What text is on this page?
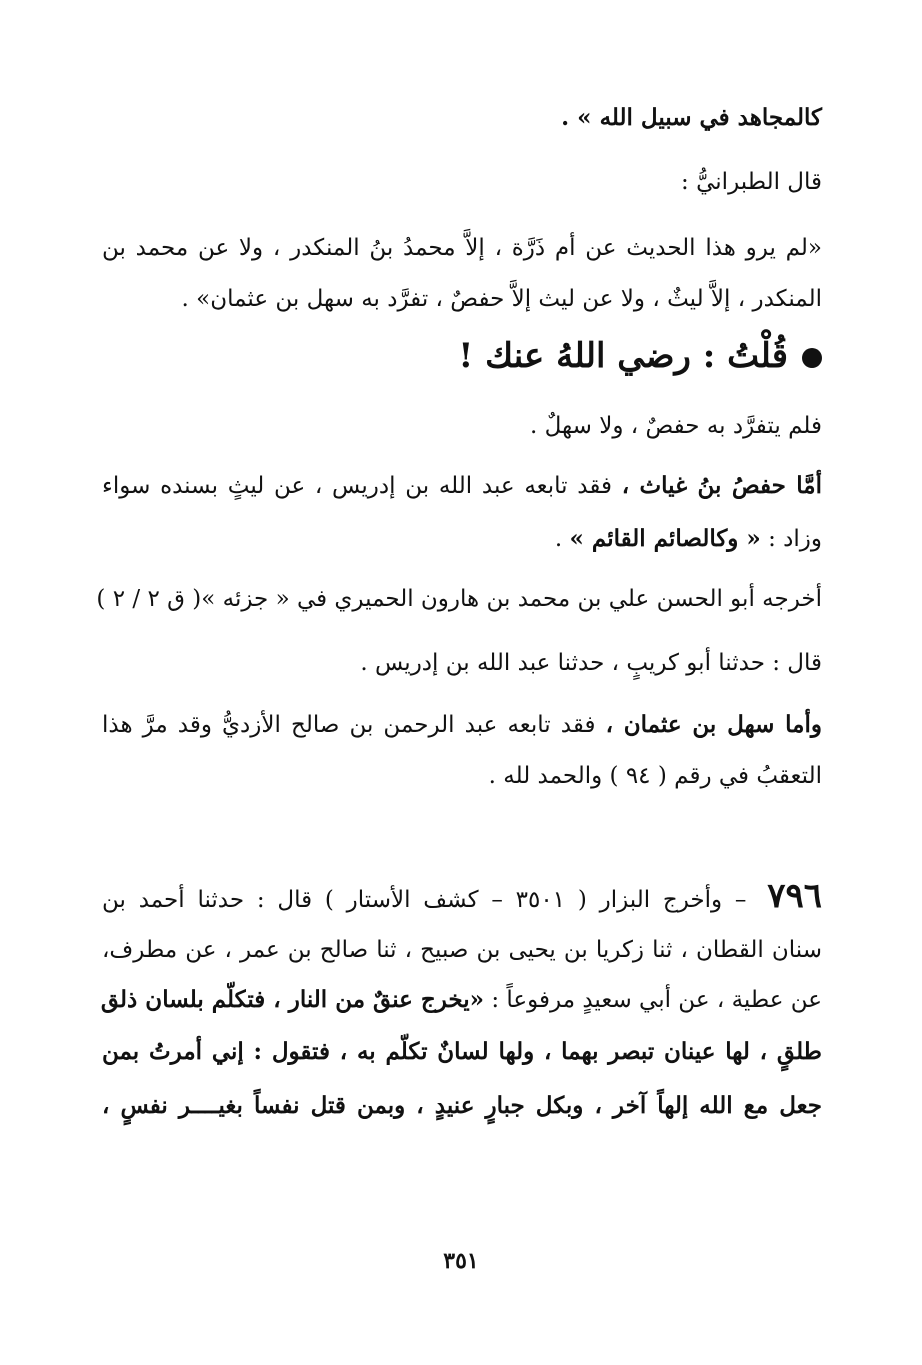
كالمجاهد في سبيل الله » .
قال الطبرانيُّ :
«لم يرو هذا الحديث عن أم ذَرَّة ، إلاَّ محمدُ بنُ المنكدر ، ولا عن محمد بن
المنكدر ، إلاَّ ليثٌ ، ولا عن ليث إلاَّ حفصٌ ، تفرَّد به سهل بن عثمان» .
قُلْتُ : رضي اللهُ عنك !
فلم يتفرَّد به حفصٌ ، ولا سهلٌ .
أمَّا حفصُ بنُ غياث ، فقد تابعه عبد الله بن إدريس ، عن ليثٍ بسنده سواء
وزاد : « وكالصائم القائم » .
أخرجه أبو الحسن علي بن محمد بن هارون الحميري في « جزئه »( ق ٢ / ٢ )
قال : حدثنا أبو كريبٍ ، حدثنا عبد الله بن إدريس .
وأما سهل بن عثمان ، فقد تابعه عبد الرحمن بن صالح الأزديُّ وقد مرَّ هذا
التعقبُ في رقم ( ٩٤ ) والحمد لله .
٧٩٦ – وأخرج البزار ( ٣٥٠١ – كشف الأستار ) قال : حدثنا أحمد بن
سنان القطان ، ثنا زكريا بن يحيى بن صبيح ، ثنا صالح بن عمر ، عن مطرف،
عن عطية ، عن أبي سعيدٍ مرفوعاً : «يخرج عنقٌ من النار ، فتكلّم بلسان ذلق
طلقٍ ، لها عينان تبصر بهما ، ولها لسانٌ تكلّم به ، فتقول : إني أمرتُ بمن
جعل مع الله إلهاً آخر ، وبكل جبارٍ عنيدٍ ، وبمن قتل نفساً بغيــــر نفسٍ ،
٣٥١
